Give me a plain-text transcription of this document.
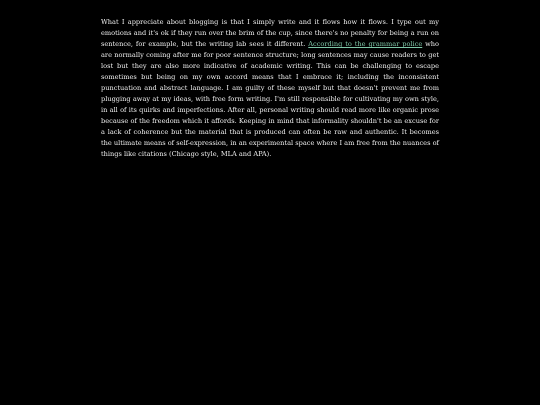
What I appreciate about blogging is that I simply write and it flows how it flows. I type out my emotions and it's ok if they run over the brim of the cup, since there's no penalty for being a run on sentence, for example, but the writing lab sees it different. According to the grammar police who are normally coming after me for poor sentence structure; long sentences may cause readers to get lost but they are also more indicative of academic writing. This can be challenging to escape sometimes but being on my own accord means that I embrace it; including the inconsistent punctuation and abstract language. I am guilty of these myself but that doesn't prevent me from plugging away at my ideas, with free form writing. I'm still responsible for cultivating my own style, in all of its quirks and imperfections. After all, personal writing should read more like organic prose because of the freedom which it affords. Keeping in mind that informality shouldn't be an excuse for a lack of coherence but the material that is produced can often be raw and authentic. It becomes the ultimate means of self-expression, in an experimental space where I am free from the nuances of things like citations (Chicago style, MLA and APA).
